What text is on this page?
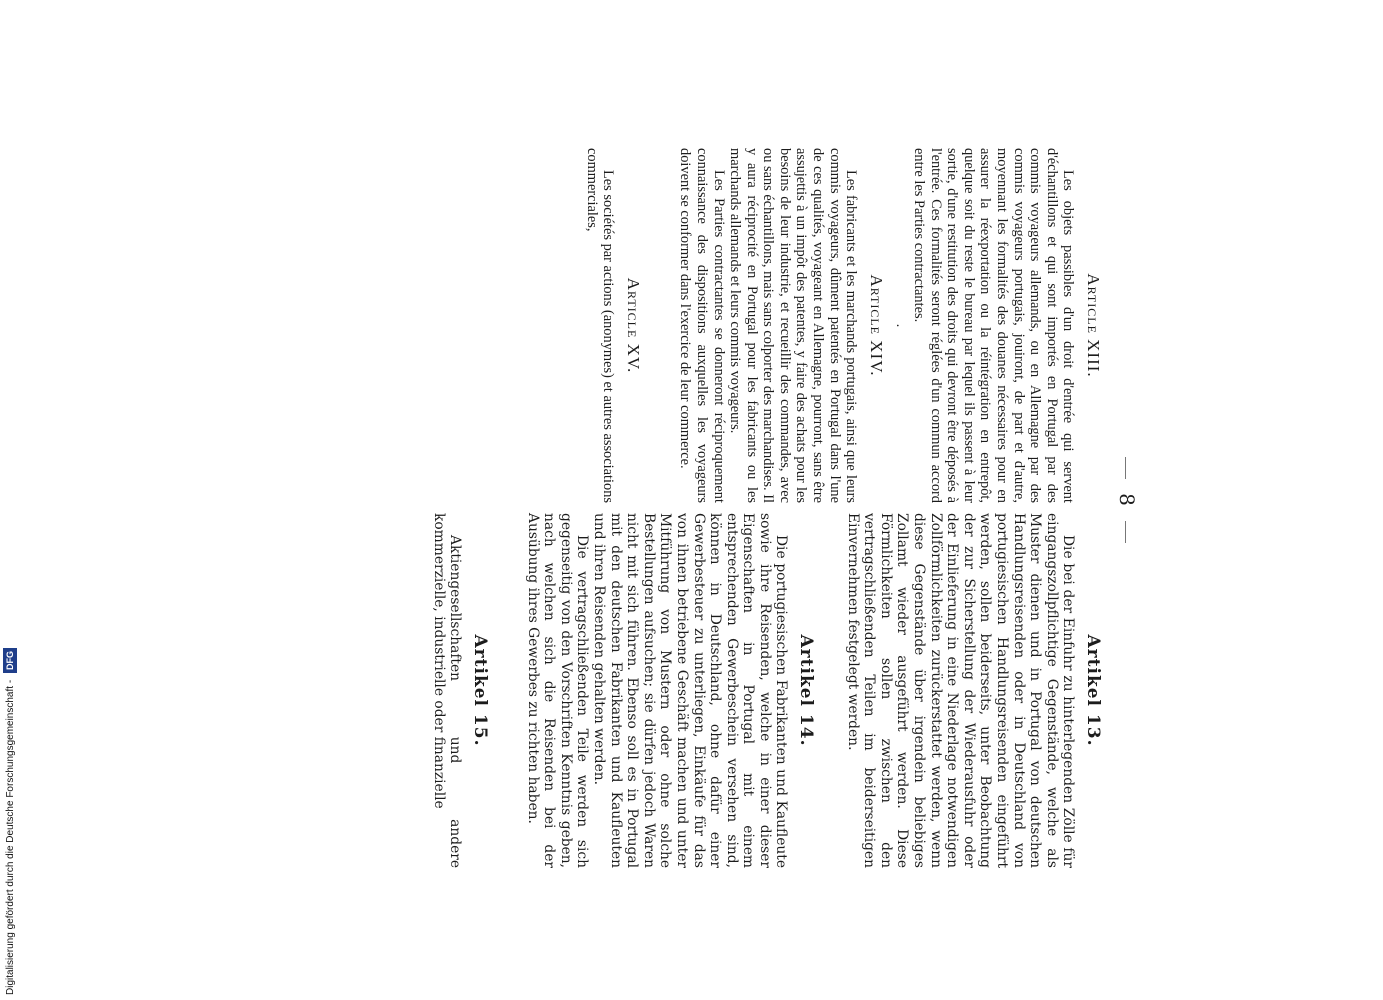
Digitalisierung gefördert durch die Deutsche Forschungsgemeinschaft - DFG
8
Article XIII.

Les objets passibles d'un droit d'entrée qui servent d'échantillons et qui sont importés en Portugal par des commis voyageurs allemands, ou en Allemagne par des commis voyageurs portugais, jouiront, de part et d'autre, moyennant les formalités des douanes nécessaires pour en assurer la réexportation ou la réintégration en entrepôt, quelque soit du reste le bureau par lequel ils passent à leur sortie, d'une restitution des droits qui devront être déposés à l'entrée. Ces formalités seront réglées d'un commun accord entre les Parties contractantes.

.
Article XIV.

Les fabricants et les marchands portugais, ainsi que leurs commis voyageurs, dûment patentés en Portugal dans l'une de ces qualités, voyageant en Allemagne, pourront, sans être assujettis à un impôt des patentes, y faire des achats pour les besoins de leur industrie, et recueillir des commandes, avec ou sans échantillons, mais sans colporter des marchandises. Il y aura réciprocité en Portugal pour les fabricants ou les marchands allemands et leurs commis voyageurs.

Les Parties contractantes se donneront réciproquement connaissance des dispositions auxquelles les voyageurs doivent se conformer dans l'exercice de leur commerce.

Article XV.

Les sociétés par actions (anonymes) et autres associations commerciales,

Artikel 13.

Die bei der Einfuhr zu hinterlegenden Zölle für eingangszollpflichtige Gegenstände, welche als Muster dienen und in Portugal von deutschen Handlungsreisenden oder in Deutschland von portugiesischen Handlungsreisenden eingeführt werden, sollen beiderseits, unter Beobachtung der zur Sicherstellung der Wiederausfuhr oder der Einlieferung in eine Niederlage notwendigen Zollförmlichkeiten zurückerstattet werden, wenn diese Gegenstände über irgendein beliebiges Zollamt wieder ausgeführt werden. Diese Förmlichkeiten sollen zwischen den vertragschließenden Teilen im beiderseitigen Einvernehmen festgelegt werden.

Artikel 14.

Die portugiesischen Fabrikanten und Kaufleute sowie ihre Reisenden, welche in einer dieser Eigenschaften in Portugal mit einem entsprechenden Gewerbeschein versehen sind, können in Deutschland, ohne dafür einer Gewerbesteuer zu unterliegen, Einkäufe für das von ihnen betriebene Geschäft machen und unter Mitführung von Mustern oder ohne solche Bestellungen aufsuchen; sie dürfen jedoch Waren nicht mit sich führen. Ebenso soll es in Portugal mit den deutschen Fabrikanten und Kaufleuten und ihren Reisenden gehalten werden.

Die vertragschließenden Teile werden sich gegenseitig von den Vorschriften Kenntnis geben, nach welchen sich die Reisenden bei der Ausübung ihres Gewerbes zu richten haben.

Artikel 15.

Aktiengesellschaften und andere kommerzielle, industrielle oder finanzielle
